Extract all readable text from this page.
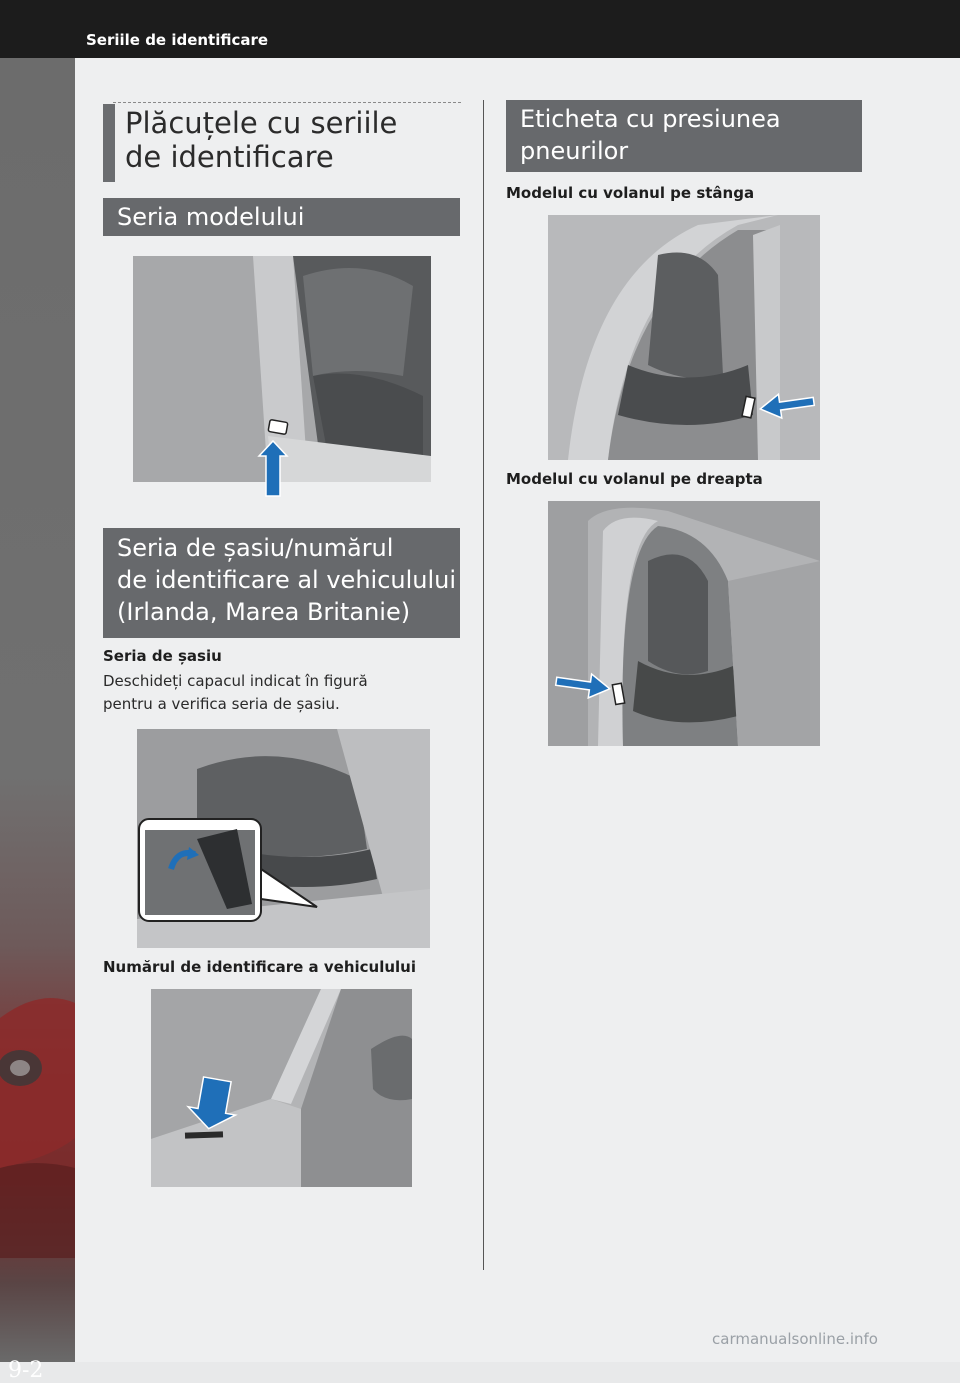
Seriile de identificare
9-2
Plăcuțele cu seriile
de identificare
Seria modelului
Seria de șasiu/numărul
de identificare al vehiculului
(Irlanda, Marea Britanie)
Seria de șasiu
Deschideți capacul indicat în figură
pentru a verifica seria de șasiu.
Numărul de identificare a vehiculului
Eticheta cu presiunea
pneurilor
Modelul cu volanul pe stânga
Modelul cu volanul pe dreapta
carmanualsonline.info
